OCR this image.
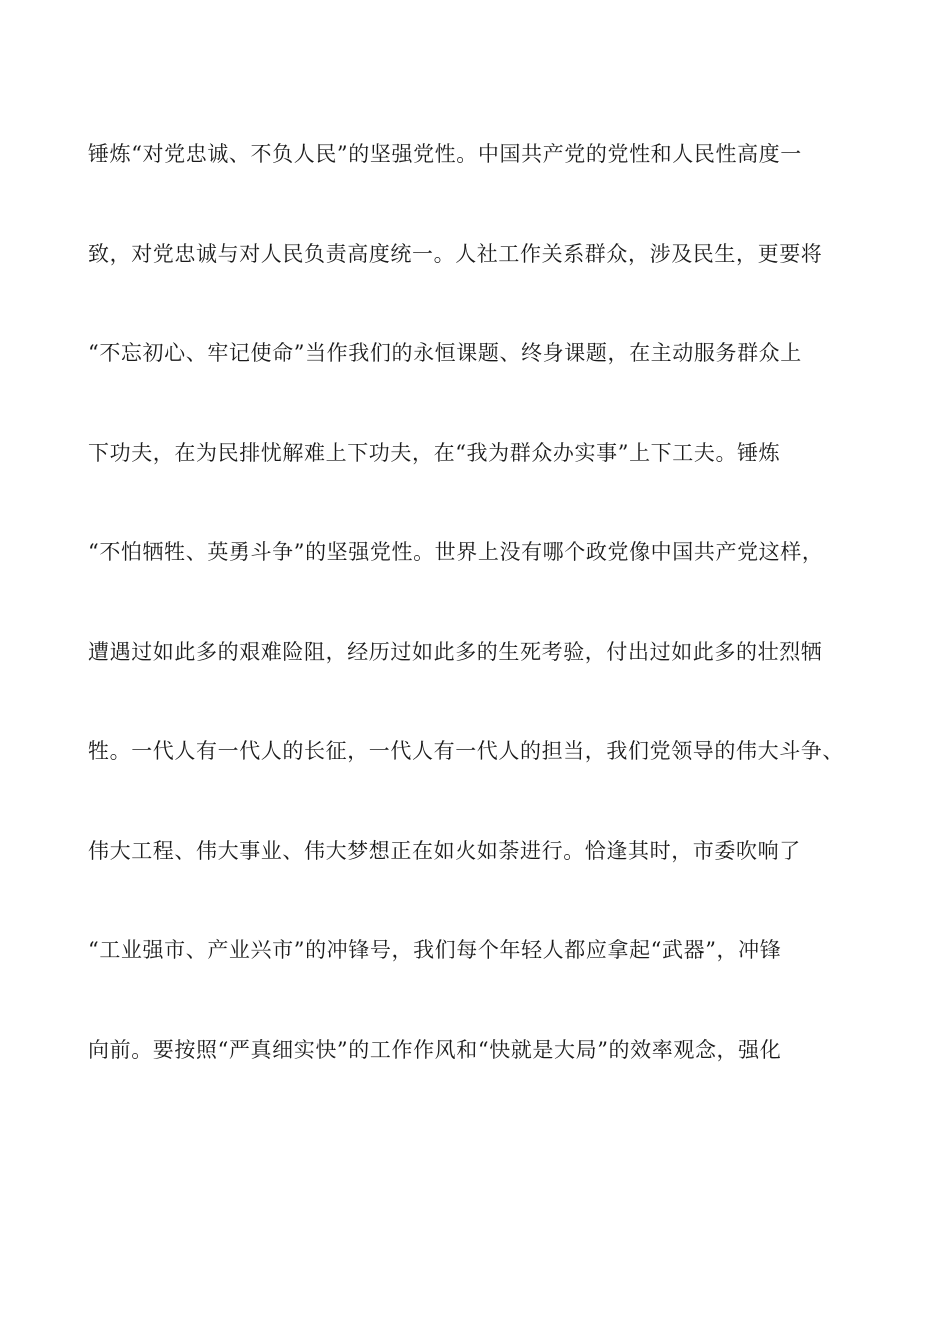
锤炼“对党忠诚、不负人民”的坚强党性。中国共产党的党性和人民性高度一
致，对党忠诚与对人民负责高度统一。人社工作关系群众，涉及民生，更要将
“不忘初心、牢记使命”当作我们的永恒课题、终身课题，在主动服务群众上
下功夫，在为民排忧解难上下功夫，在“我为群众办实事”上下工夫。锤炼
“不怕牺牲、英勇斗争”的坚强党性。世界上没有哪个政党像中国共产党这样，
遭遇过如此多的艰难险阻，经历过如此多的生死考验，付出过如此多的壮烈牺
牲。一代人有一代人的长征，一代人有一代人的担当，我们党领导的伟大斗争、
伟大工程、伟大事业、伟大梦想正在如火如荼进行。恰逢其时，市委吹响了
“工业强市、产业兴市”的冲锋号，我们每个年轻人都应拿起“武器”，冲锋
向前。要按照“严真细实快”的工作作风和“快就是大局”的效率观念，强化
